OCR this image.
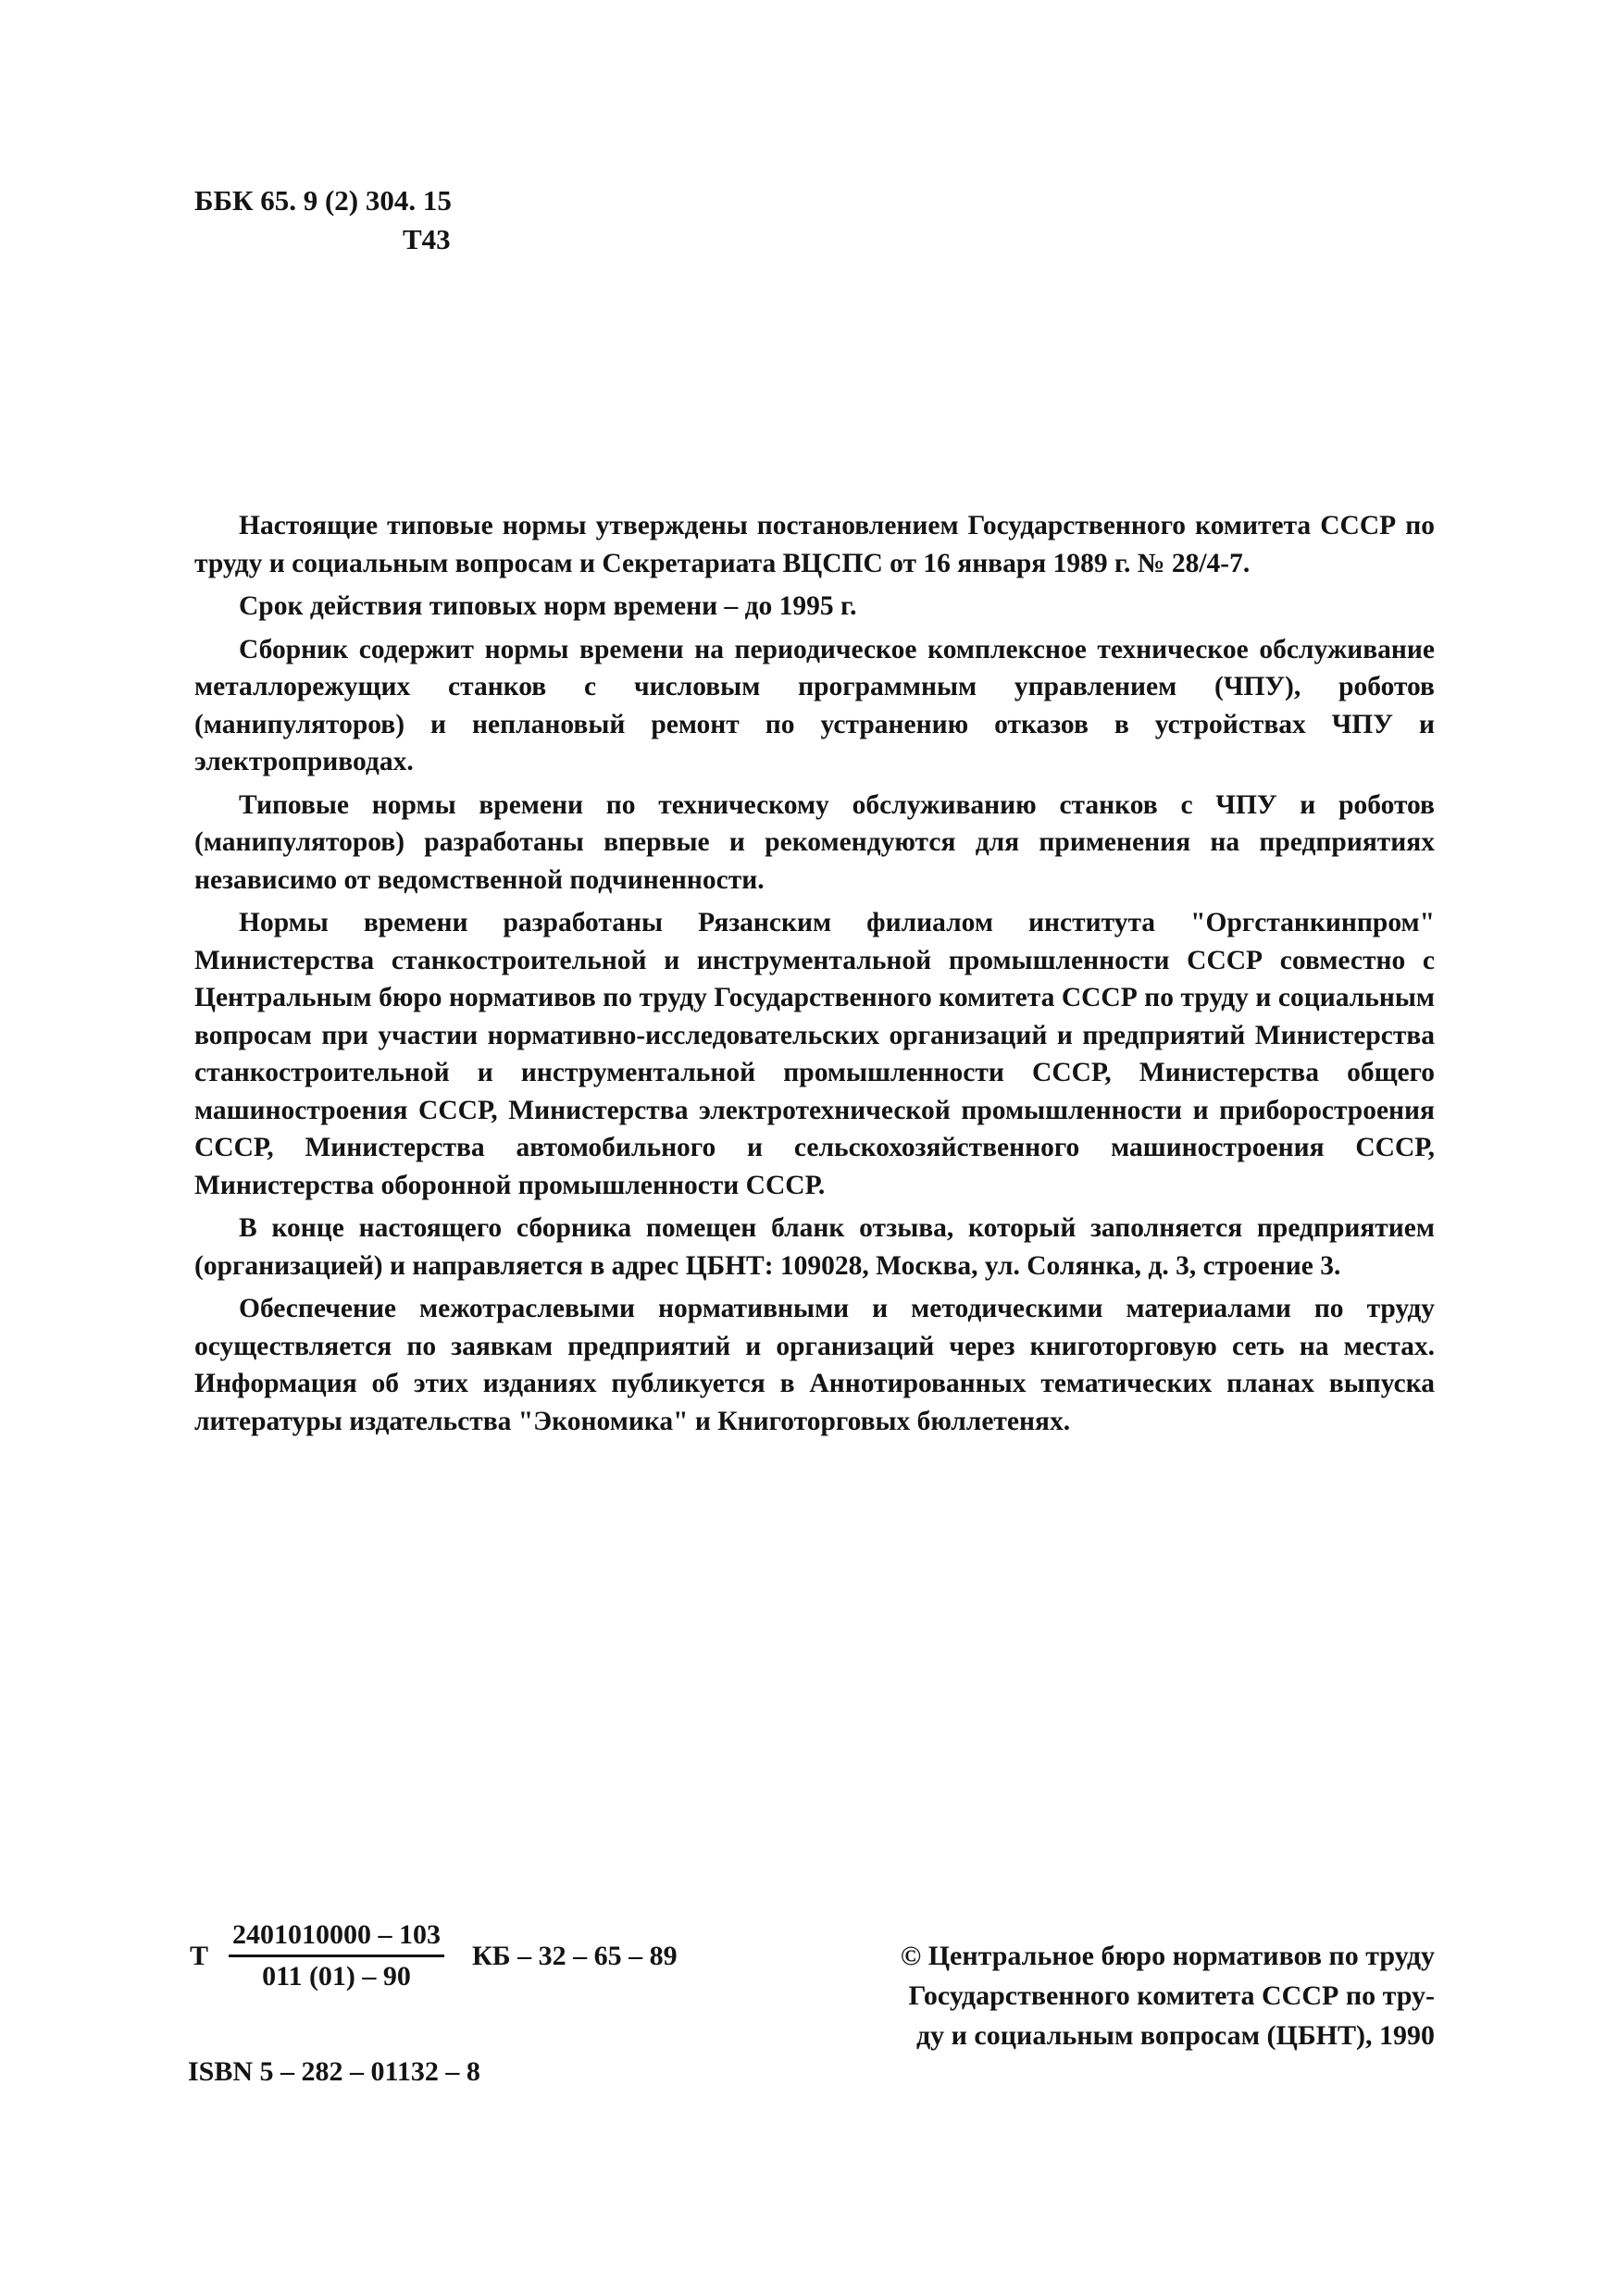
ББК 65. 9 (2) 304. 15
Т43

Настоящие типовые нормы утверждены постановлением Государственного комитета СССР по труду и социальным вопросам и Секретариата ВЦСПС от 16 января 1989 г. № 28/4-7.

Срок действия типовых норм времени – до 1995 г.

Сборник содержит нормы времени на периодическое комплексное техническое обслуживание металлорежущих станков с числовым программным управлением (ЧПУ), роботов (манипуляторов) и неплановый ремонт по устранению отказов в устройствах ЧПУ и электроприводах.

Типовые нормы времени по техническому обслуживанию станков с ЧПУ и роботов (манипуляторов) разработаны впервые и рекомендуются для применения на предприятиях независимо от ведомственной подчиненности.

Нормы времени разработаны Рязанским филиалом института "Оргстанкинпром" Министерства станкостроительной и инструментальной промышленности СССР совместно с Центральным бюро нормативов по труду Государственного комитета СССР по труду и социальным вопросам при участии нормативно-исследовательских организаций и предприятий Министерства станкостроительной и инструментальной промышленности СССР, Министерства общего машиностроения СССР, Министерства электротехнической промышленности и приборостроения СССР, Министерства автомобильного и сельскохозяйственного машиностроения СССР, Министерства оборонной промышленности СССР.

В конце настоящего сборника помещен бланк отзыва, который заполняется предприятием (организацией) и направляется в адрес ЦБНТ: 109028, Москва, ул. Солянка, д. 3, строение 3.

Обеспечение межотраслевыми нормативными и методическими материалами по труду осуществляется по заявкам предприятий и организаций через книготорговую сеть на местах. Информация об этих изданиях публикуется в Аннотированных тематических планах выпуска литературы издательства "Экономика" и Книготорговых бюллетенях.

Т $\frac{2401010000 - 103}{011 (01) - 90}$ КБ – 32 – 65 – 89
ISBN 5 – 282 – 01132 – 8
© Центральное бюро нормативов по труду
Государственного комитета СССР по тру-
ду и социальным вопросам (ЦБНТ), 1990
